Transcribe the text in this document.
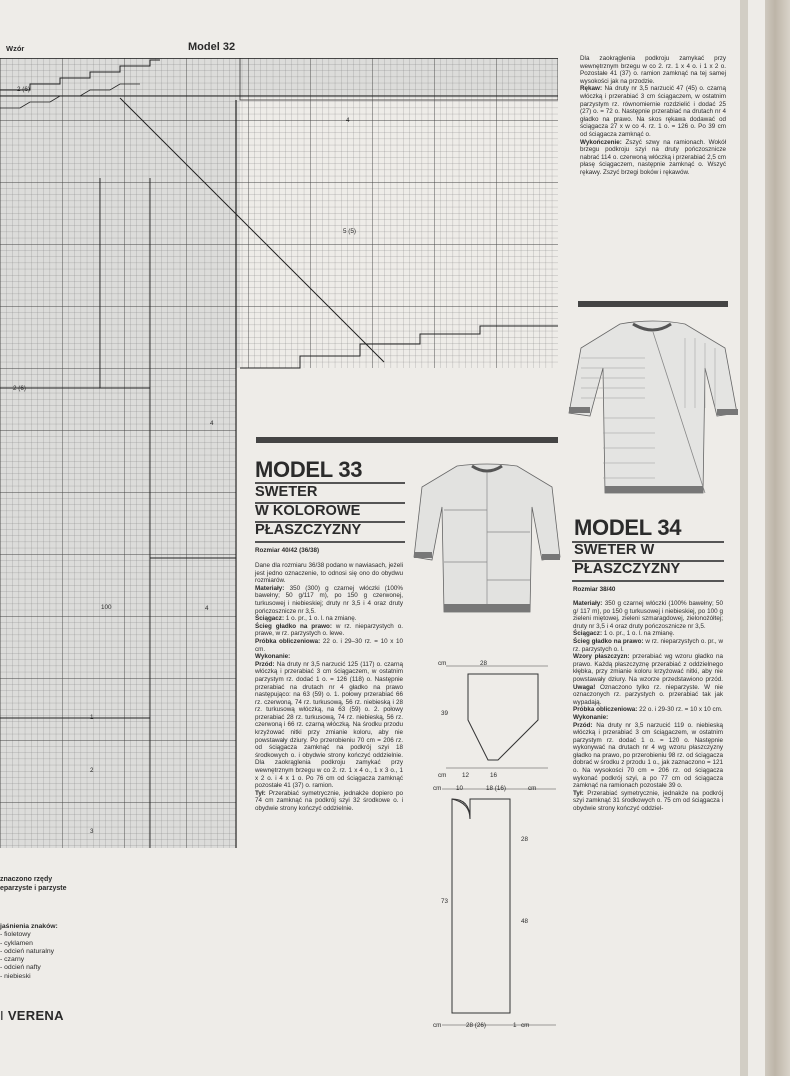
Wzór	Model 32
2 (6)
5 (5)
4
2 (6)
4
100
4
1
2
3
znaczono rzędy
eparzyste i parzyste
jaśnienia znaków:
- fioletowy
- cyklamen
- odcień naturalny
- czarny
- odcień nafty
- niebieski
I VERENA
MODEL 33
SWETER
W KOLOROWE
PŁASZCZYZNY
Rozmiar 40/42 (36/38)
Dane dla rozmiaru 36/38 podano w nawiasach, jeżeli jest jedno oznaczenie, to odnosi się ono do obydwu rozmiarów.
Materiały: 350 (300) g czarnej włóczki (100% bawełny; 50 g/117 m), po 150 g czerwonej, turkusowej i niebieskiej; druty nr 3,5 i 4 oraz druty pończosznicze nr 3,5.
Ściągacz: 1 o. pr., 1 o. l. na zmianę.
Ścieg gładko na prawo: w rz. nieparzystych o. prawe, w rz. parzystych o. lewe.
Próbka obliczeniowa: 22 o. i 29–30 rz. = 10 x 10 cm.
Wykonanie:
Przód: Na druty nr 3,5 narzucić 125 (117) o. czarną włóczką i przerabiać 3 cm ściągaczem, w ostatnim parzystym rz. dodać 1 o. = 126 (118) o. Następnie przerabiać na drutach nr 4 gładko na prawo następująco: na 63 (59) o. 1. połowy przerabiać 66 rz. czerwoną, 74 rz. turkusową, 56 rz. niebieską i 28 rz. turkusową włóczką, na 63 (59) o. 2. połowy przerabiać 28 rz. turkusową, 74 rz. niebieską, 56 rz. czerwoną i 66 rz. czarną włóczką. Na środku przodu krzyżować nitki przy zmianie koloru, aby nie powstawały dziury. Po przerobieniu 70 cm = 206 rz. od ściągacza zamknąć na podkrój szyi 18 środkowych o. i obydwie strony kończyć oddzielnie. Dla zaokrąglenia podkroju zamykać przy wewnętrznym brzegu w co 2. rz. 1 x 4 o., 1 x 3 o., 1 x 2 o. i 4 x 1 o. Po 76 cm od ściągacza zamknąć pozostałe 41 (37) o. ramion.
Tył: Przerabiać symetrycznie, jednakże dopiero po 74 cm zamknąć na podkrój szyi 32 środkowe o. i obydwie strony kończyć oddzielnie.
cm	28
39
cm 12	16
10	18 (16)	cm
28
73
48
cm	28 (26)	1 cm
cm
Dla zaokrąglenia podkroju zamykać przy wewnętrznym brzegu w co 2. rz. 1 x 4 o. i 1 x 2 o. Pozostałe 41 (37) o. ramion zamknąć na tej samej wysokości jak na przodzie.
Rękaw: Na druty nr 3,5 narzucić 47 (45) o. czarną włóczką i przerabiać 3 cm ściągaczem, w ostatnim parzystym rz. równomiernie rozdzielić i dodać 25 (27) o. = 72 o. Następnie przerabiać na drutach nr 4 gładko na prawo. Na skos rękawa dodawać od ściągacza 27 x w co 4. rz. 1 o. = 126 o. Po 39 cm od ściągacza zamknąć o.
Wykończenie: Zszyć szwy na ramionach. Wokół brzegu podkroju szyi na druty pończosznicze nabrać 114 o. czerwoną włóczką i przerabiać 2,5 cm płasę ściągaczem, następnie zamknąć o. Wszyć rękawy. Zszyć brzegi boków i rękawów.
MODEL 34
SWETER W
PŁASZCZYZNY
Rozmiar 38/40
Materiały: 350 g czarnej włóczki (100% bawełny; 50 g/ 117 m), po 150 g turkusowej i niebieskiej, po 100 g zieleni miętowej, zieleni szmaragdowej, zielonożółtej; druty nr 3,5 i 4 oraz druty pończosznicze nr 3,5.
Ściągacz: 1 o. pr., 1 o. l. na zmianę.
Ścieg gładko na prawo: w rz. nieparzystych o. pr., w rz. parzystych o. l.
Wzory płaszczyzn: przerabiać wg wzoru gładko na prawo. Każdą płaszczyznę przerabiać z oddzielnego kłębka, przy zmianie koloru krzyżować nitki, aby nie powstawały dziury. Na wzorze przedstawiono przód. Uwaga! Oznaczono tylko rz. nieparzyste. W nie oznaczonych rz. parzystych o. przerabiać tak jak wypadają.
Próbka obliczeniowa: 22 o. i 29-30 rz. = 10 x 10 cm.
Wykonanie:
Przód: Na druty nr 3,5 narzucić 119 o. niebieską włóczką i przerabiać 3 cm ściągaczem, w ostatnim parzystym rz. dodać 1 o. = 120 o. Następnie wykonywać na drutach nr 4 wg wzoru płaszczyzny gładko na prawo, po przerobieniu 98 rz. od ściągacza dobrać w środku z przodu 1 o., jak zaznaczono = 121 o. Na wysokości 70 cm = 206 rz. od ściągacza wykonać podkrój szyi, a po 77 cm od ściągacza zamknąć na ramionach pozostałe 39 o.
Tył: Przerabiać symetrycznie, jednakże na podkrój szyi zamknąć 31 środkowych o. 75 cm od ściągacza i obydwie strony kończyć oddziel-
